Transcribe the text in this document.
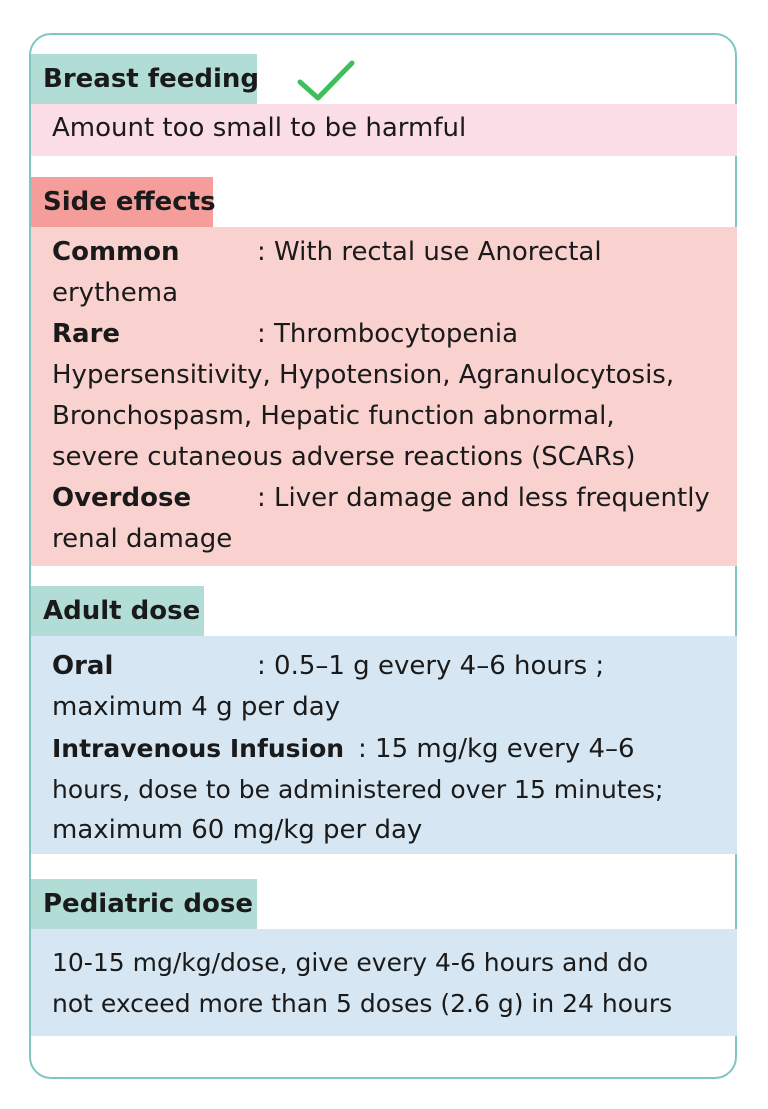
Breast feeding
Amount too small to be harmful
Side effects
Common	: With rectal use Anorectal
erythema
Rare	: Thrombocytopenia
Hypersensitivity, Hypotension, Agranulocytosis,
Bronchospasm, Hepatic function abnormal,
severe cutaneous adverse reactions (SCARs)
Overdose	: Liver damage and less frequently
renal damage
Adult dose
Oral	: 0.5–1 g every 4–6 hours ;
maximum 4 g per day
Intravenous Infusion : 15 mg/kg every 4–6
hours, dose to be administered over 15 minutes;
maximum 60 mg/kg per day
Pediatric dose
10-15 mg/kg/dose, give every 4-6 hours and do
not exceed more than 5 doses (2.6 g) in 24 hours
